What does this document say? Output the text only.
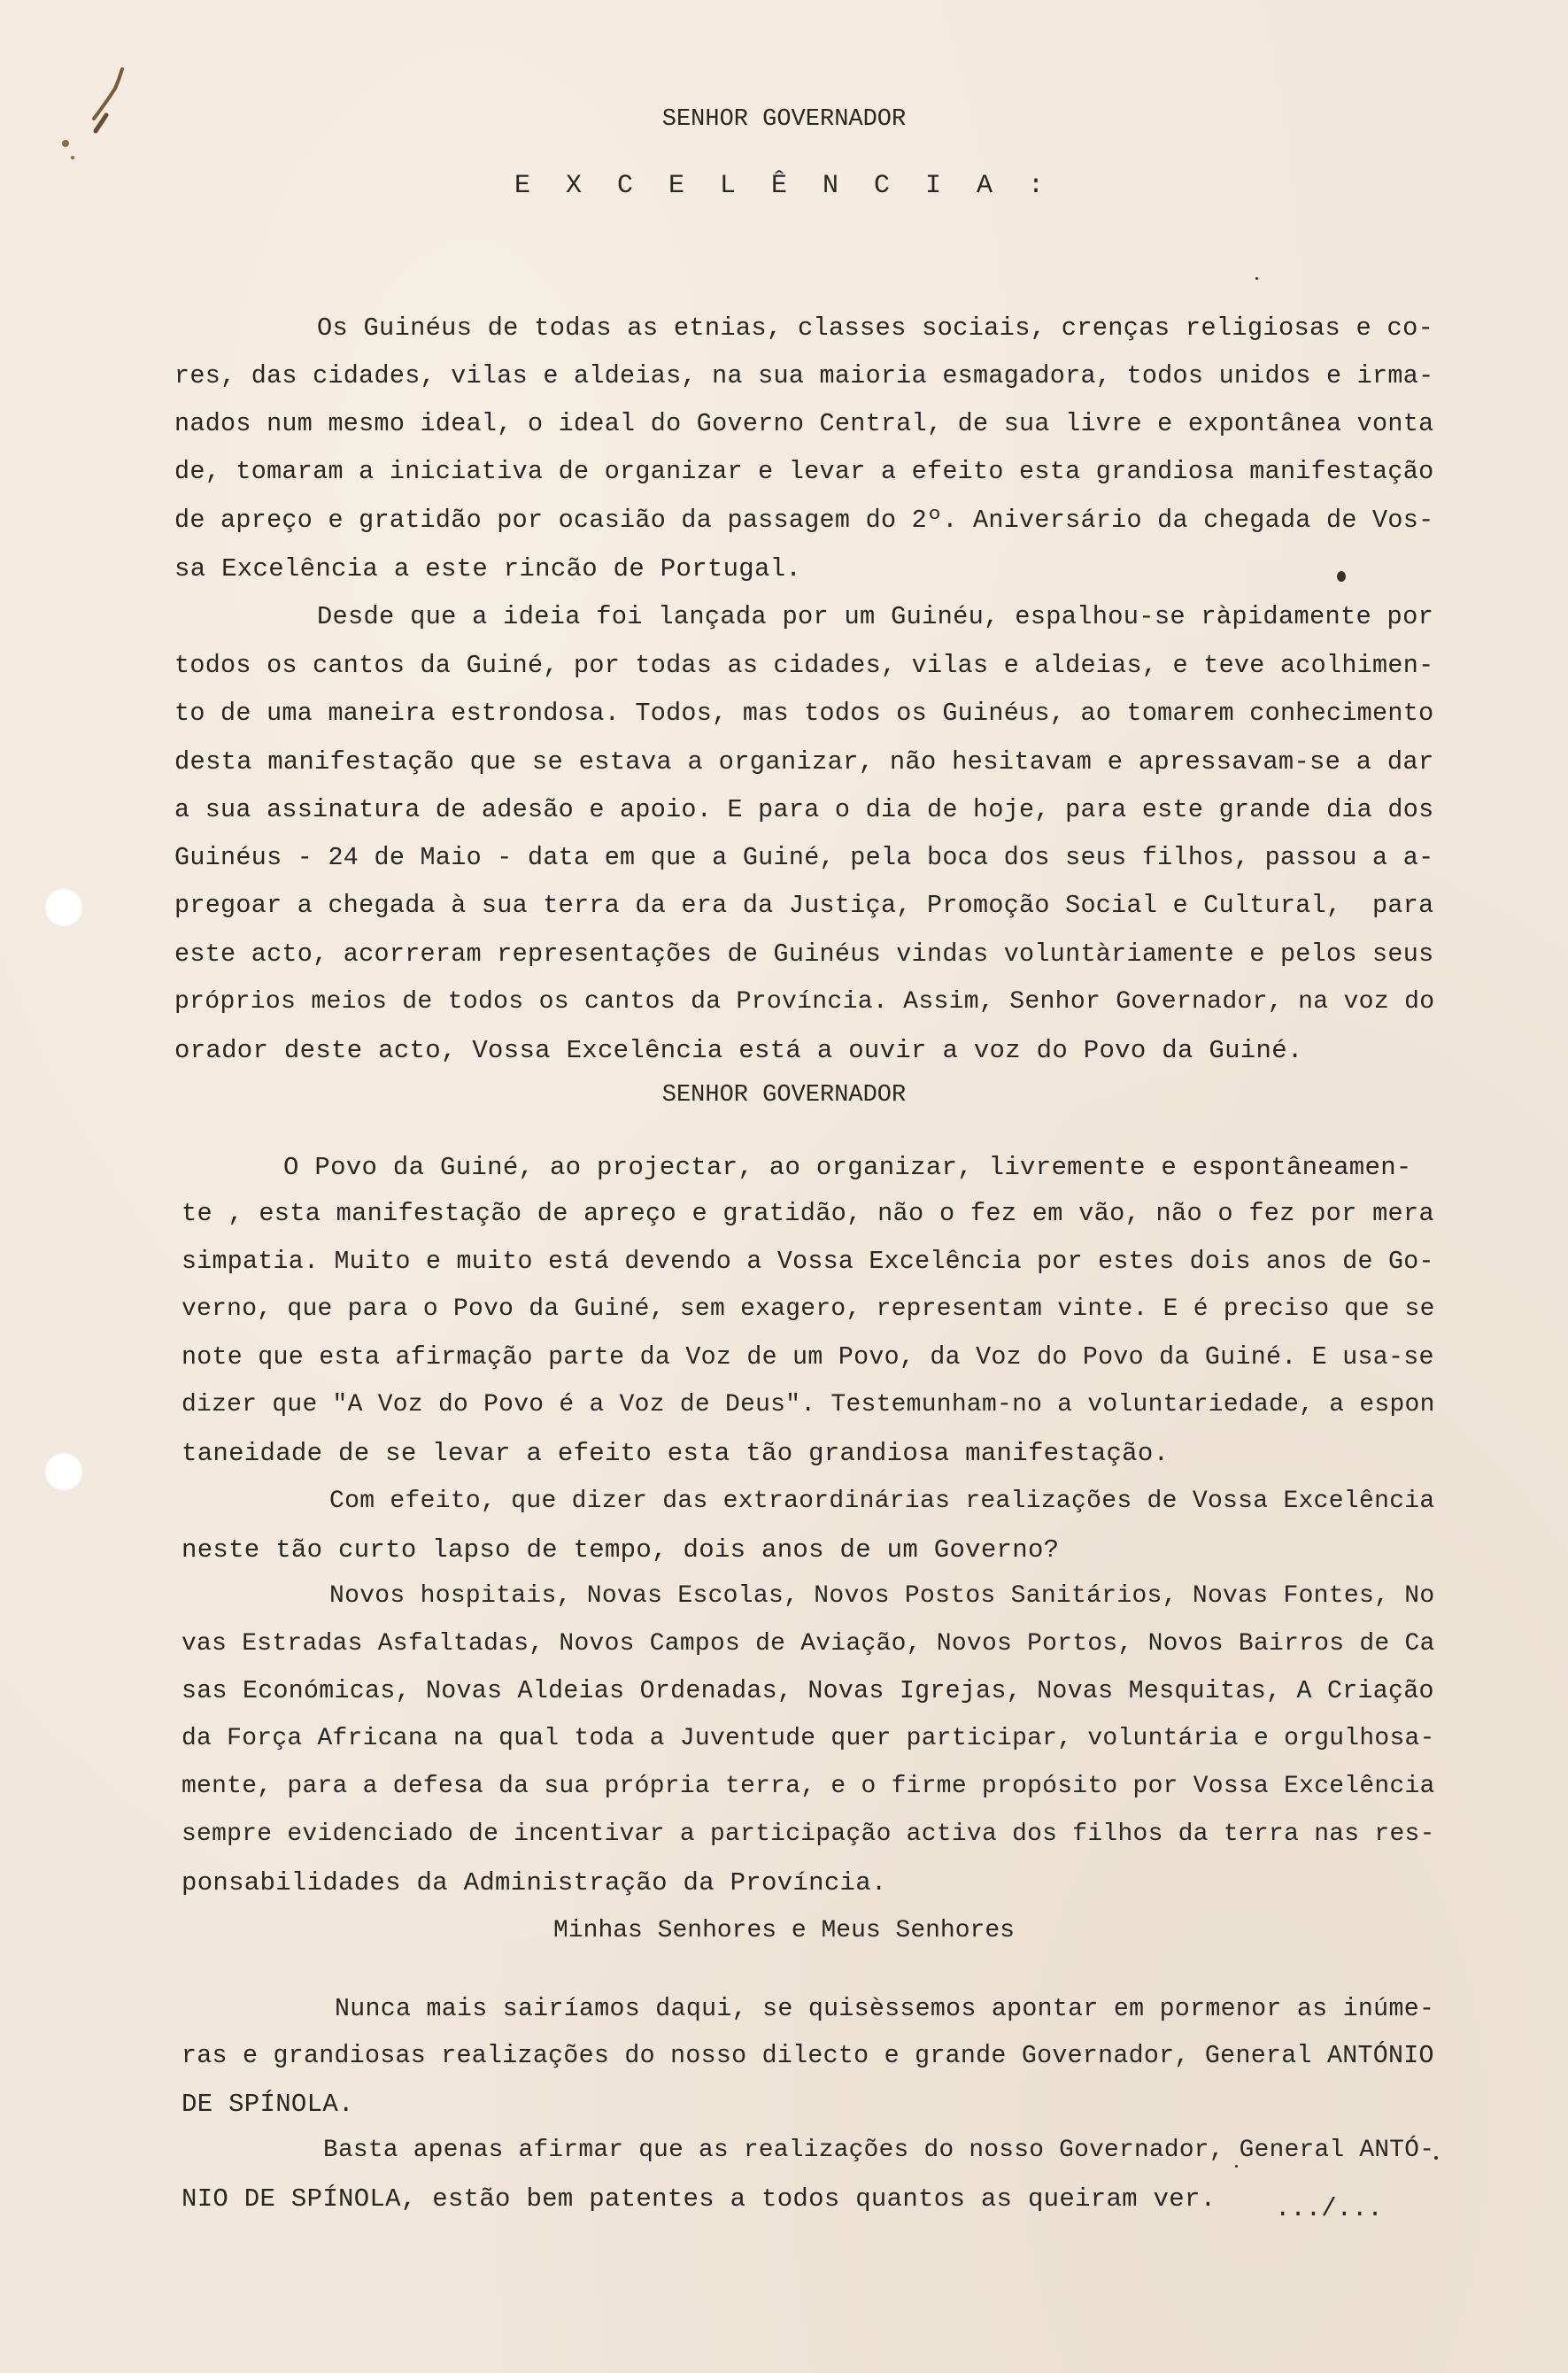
SENHOR GOVERNADOR
E X C E L Ê N C I A :
Os Guinéus de todas as etnias, classes sociais, crenças religiosas e co-
res, das cidades, vilas e aldeias, na sua maioria esmagadora, todos unidos e irma-
nados num mesmo ideal, o ideal do Governo Central, de sua livre e expontânea vonta
de, tomaram a iniciativa de organizar e levar a efeito esta grandiosa manifestação
de apreço e gratidão por ocasião da passagem do 2º. Aniversário da chegada de Vos-
sa Excelência a este rincão de Portugal.
Desde que a ideia foi lançada por um Guinéu, espalhou-se ràpidamente por
todos os cantos da Guiné, por todas as cidades, vilas e aldeias, e teve acolhimen-
to de uma maneira estrondosa. Todos, mas todos os Guinéus, ao tomarem conhecimento
desta manifestação que se estava a organizar, não hesitavam e apressavam-se a dar
a sua assinatura de adesão e apoio. E para o dia de hoje, para este grande dia dos
Guinéus - 24 de Maio - data em que a Guiné, pela boca dos seus filhos, passou a a-
pregoar a chegada à sua terra da era da Justiça, Promoção Social e Cultural,  para
este acto, acorreram representações de Guinéus vindas voluntàriamente e pelos seus
próprios meios de todos os cantos da Província. Assim, Senhor Governador, na voz do
orador deste acto, Vossa Excelência está a ouvir a voz do Povo da Guiné.
O Povo da Guiné, ao projectar, ao organizar, livremente e espontâneamen-
te , esta manifestação de apreço e gratidão, não o fez em vão, não o fez por mera
simpatia. Muito e muito está devendo a Vossa Excelência por estes dois anos de Go-
verno, que para o Povo da Guiné, sem exagero, representam vinte. E é preciso que se
note que esta afirmação parte da Voz de um Povo, da Voz do Povo da Guiné. E usa-se
dizer que "A Voz do Povo é a Voz de Deus". Testemunham-no a voluntariedade, a espon
taneidade de se levar a efeito esta tão grandiosa manifestação.
Com efeito, que dizer das extraordinárias realizações de Vossa Excelência
neste tão curto lapso de tempo, dois anos de um Governo?
Novos hospitais, Novas Escolas, Novos Postos Sanitários, Novas Fontes, No
vas Estradas Asfaltadas, Novos Campos de Aviação, Novos Portos, Novos Bairros de Ca
sas Económicas, Novas Aldeias Ordenadas, Novas Igrejas, Novas Mesquitas, A Criação
da Força Africana na qual toda a Juventude quer participar, voluntária e orgulhosa-
mente, para a defesa da sua própria terra, e o firme propósito por Vossa Excelência
sempre evidenciado de incentivar a participação activa dos filhos da terra nas res-
ponsabilidades da Administração da Província.
Nunca mais sairíamos daqui, se quisèssemos apontar em pormenor as inúme-
ras e grandiosas realizações do nosso dilecto e grande Governador, General ANTÓNIO
DE SPÍNOLA.
Basta apenas afirmar que as realizações do nosso Governador, General ANTÓ-
NIO DE SPÍNOLA, estão bem patentes a todos quantos as queiram ver.
SENHOR GOVERNADOR
Minhas Senhores e Meus Senhores
.../...
